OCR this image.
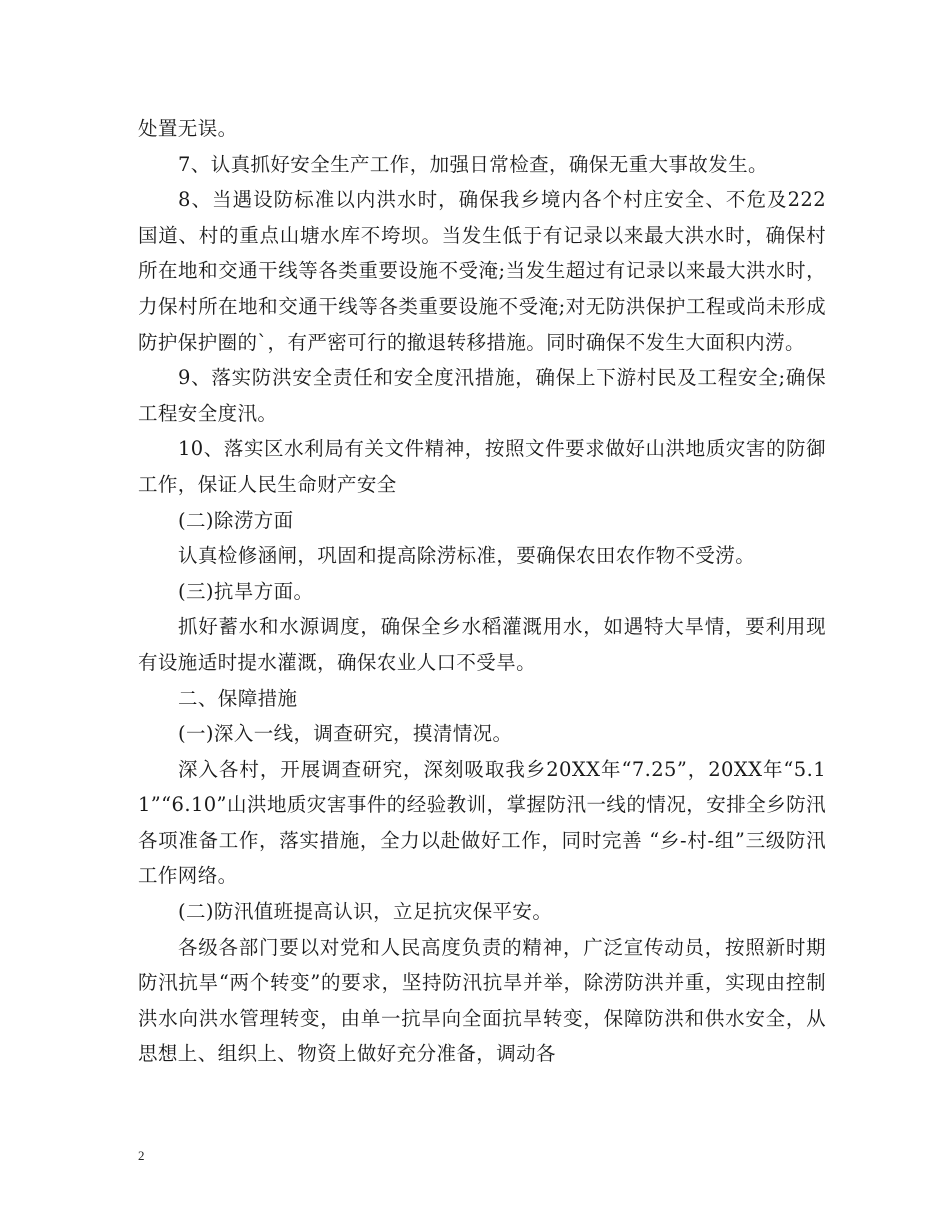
处置无误。

7、认真抓好安全生产工作，加强日常检查，确保无重大事故发生。

8、当遇设防标准以内洪水时，确保我乡境内各个村庄安全、不危及222国道、村的重点山塘水库不垮坝。当发生低于有记录以来最大洪水时，确保村所在地和交通干线等各类重要设施不受淹;当发生超过有记录以来最大洪水时，力保村所在地和交通干线等各类重要设施不受淹;对无防洪保护工程或尚未形成防护保护圈的`，有严密可行的撤退转移措施。同时确保不发生大面积内涝。

9、落实防洪安全责任和安全度汛措施，确保上下游村民及工程安全;确保工程安全度汛。

10、落实区水利局有关文件精神，按照文件要求做好山洪地质灾害的防御工作，保证人民生命财产安全

(二)除涝方面

认真检修涵闸，巩固和提高除涝标准，要确保农田农作物不受涝。

(三)抗旱方面。

抓好蓄水和水源调度，确保全乡水稻灌溉用水，如遇特大旱情，要利用现有设施适时提水灌溉，确保农业人口不受旱。

二、保障措施

(一)深入一线，调查研究，摸清情况。

深入各村，开展调查研究，深刻吸取我乡20XX年“7.25”，20XX年“5.11”“6.10”山洪地质灾害事件的经验教训，掌握防汛一线的情况，安排全乡防汛各项准备工作，落实措施，全力以赴做好工作，同时完善 “乡-村-组”三级防汛工作网络。

(二)防汛值班提高认识，立足抗灾保平安。

各级各部门要以对党和人民高度负责的精神，广泛宣传动员，按照新时期防汛抗旱“两个转变”的要求，坚持防汛抗旱并举，除涝防洪并重，实现由控制洪水向洪水管理转变，由单一抗旱向全面抗旱转变，保障防洪和供水安全，从思想上、组织上、物资上做好充分准备，调动各

2
